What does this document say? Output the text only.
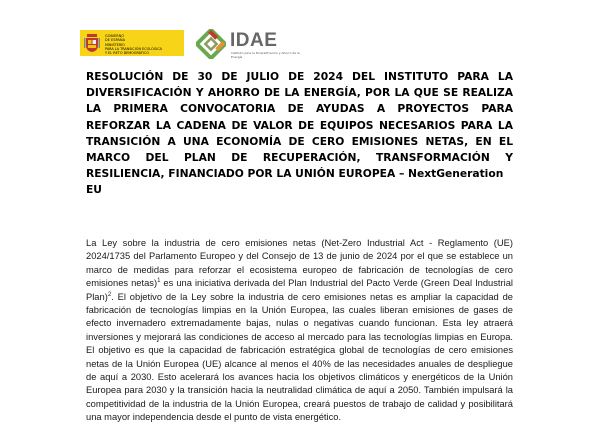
GOBIERNO
DE ESPAÑA
MINISTERIO
PARA LA TRANSICIÓN ECOLÓGICA
Y EL RETO DEMOGRÁFICO
IDAE
Instituto para la Diversificación y Ahorro de la Energía

RESOLUCIÓN DE 30 DE JULIO DE 2024 DEL INSTITUTO PARA LA DIVERSIFICACIÓN Y AHORRO DE LA ENERGÍA, POR LA QUE SE REALIZA LA PRIMERA CONVOCATORIA DE AYUDAS A PROYECTOS PARA REFORZAR LA CADENA DE VALOR DE EQUIPOS NECESARIOS PARA LA TRANSICIÓN A UNA ECONOMÍA DE CERO EMISIONES NETAS, EN EL MARCO DEL PLAN DE RECUPERACIÓN, TRANSFORMACIÓN Y RESILIENCIA, FINANCIADO POR LA UNIÓN EUROPEA – NextGeneration
EU

La Ley sobre la industria de cero emisiones netas (Net-Zero Industrial Act - Reglamento (UE) 2024/1735 del Parlamento Europeo y del Consejo de 13 de junio de 2024 por el que se establece un marco de medidas para reforzar el ecosistema europeo de fabricación de tecnologías de cero emisiones netas)$^1$ es una iniciativa derivada del Plan Industrial del Pacto Verde (Green Deal Industrial Plan)$^2$. El objetivo de la Ley sobre la industria de cero emisiones netas es ampliar la capacidad de fabricación de tecnologías limpias en la Unión Europea, las cuales liberan emisiones de gases de efecto invernadero extremadamente bajas, nulas o negativas cuando funcionan. Esta ley atraerá inversiones y mejorará las condiciones de acceso al mercado para las tecnologías limpias en Europa. El objetivo es que la capacidad de fabricación estratégica global de tecnologías de cero emisiones netas de la Unión Europea (UE) alcance al menos el 40% de las necesidades anuales de despliegue de aquí a 2030. Esto acelerará los avances hacia los objetivos climáticos y energéticos de la Unión Europea para 2030 y la transición hacia la neutralidad climática de aquí a 2050. También impulsará la competitividad de la industria de la Unión Europea, creará puestos de trabajo de calidad y posibilitará una mayor independencia desde el punto de vista energético.
